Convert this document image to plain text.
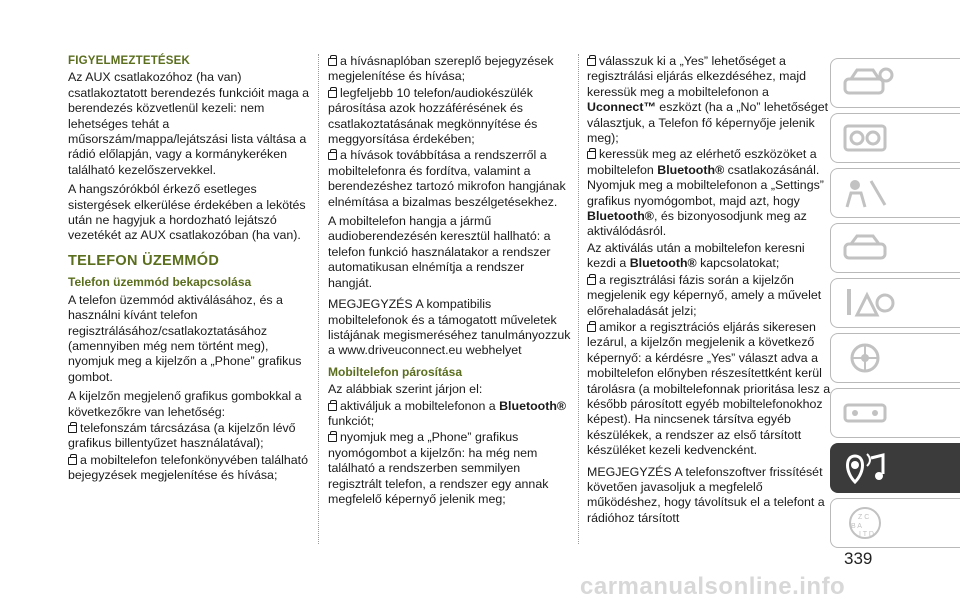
FIGYELMEZTETÉSEK

Az AUX csatlakozóhoz (ha van) csatlakoztatott berendezés funkcióit maga a berendezés közvetlenül kezeli: nem lehetséges tehát a műsorszám/mappa/lejátszási lista váltása a rádió előlapján, vagy a kormánykeréken található kezelőszervekkel.

A hangszórókból érkező esetleges sistergések elkerülése érdekében a lekötés után ne hagyjuk a hordozható lejátszó vezetékét az AUX csatlakozóban (ha van).

TELEFON ÜZEMMÓD
Telefon üzemmód bekapcsolása

A telefon üzemmód aktiválásához, és a használni kívánt telefon regisztrálásához/csatlakoztatásához (amennyiben még nem történt meg), nyomjuk meg a kijelzőn a „Phone” grafikus gombot.

A kijelzőn megjelenő grafikus gombokkal a következőkre van lehetőség:

telefonszám tárcsázása (a kijelzőn lévő grafikus billentyűzet használatával);

a mobiltelefon telefonkönyvében található bejegyzések megjelenítése és hívása;

a hívásnaplóban szereplő bejegyzések megjelenítése és hívása;

legfeljebb 10 telefon/audiokészülék párosítása azok hozzáférésének és csatlakoztatásának megkönnyítése és meggyorsítása érdekében;

a hívások továbbítása a rendszerről a mobiltelefonra és fordítva, valamint a berendezéshez tartozó mikrofon hangjának elnémítása a bizalmas beszélgetésekhez.

A mobiltelefon hangja a jármű audioberendezésén keresztül hallható: a telefon funkció használatakor a rendszer automatikusan elnémítja a rendszer hangját.

MEGJEGYZÉS A kompatibilis mobiltelefonok és a támogatott műveletek listájának megismeréséhez tanulmányozzuk a www.driveuconnect.eu webhelyet

Mobiltelefon párosítása

Az alábbiak szerint járjon el:

aktiváljuk a mobiltelefonon a Bluetooth® funkciót;

nyomjuk meg a „Phone” grafikus nyomógombot a kijelzőn: ha még nem található a rendszerben semmilyen regisztrált telefon, a rendszer egy annak megfelelő képernyő jelenik meg;

válasszuk ki a „Yes” lehetőséget a regisztrálási eljárás elkezdéséhez, majd keressük meg a mobiltelefonon a Uconnect™ eszközt (ha a „No” lehetőséget választjuk, a Telefon fő képernyője jelenik meg);

keressük meg az elérhető eszközöket a mobiltelefon Bluetooth® csatlakozásánál. Nyomjuk meg a mobiltelefonon a „Settings” grafikus nyomógombot, majd azt, hogy Bluetooth®, és bizonyosodjunk meg az aktiválódásról.

Az aktiválás után a mobiltelefon keresni kezdi a Bluetooth® kapcsolatokat;

a regisztrálási fázis során a kijelzőn megjelenik egy képernyő, amely a művelet előrehaladását jelzi;

amikor a regisztrációs eljárás sikeresen lezárul, a kijelzőn megjelenik a következő képernyő: a kérdésre „Yes” választ adva a mobiltelefon előnyben részesítettként kerül tárolásra (a mobiltelefonnak prioritása lesz a később párosított egyéb mobiltelefonokhoz képest). Ha nincsenek társítva egyéb készülékek, a rendszer az első társított készüléket kezeli kedvencként.

MEGJEGYZÉS A telefonszoftver frissítését követően javasoljuk a megfelelő működéshez, hogy távolítsuk el a telefont a rádióhoz társított	Z C
B A
I T D
339
carmanualsonline.info
